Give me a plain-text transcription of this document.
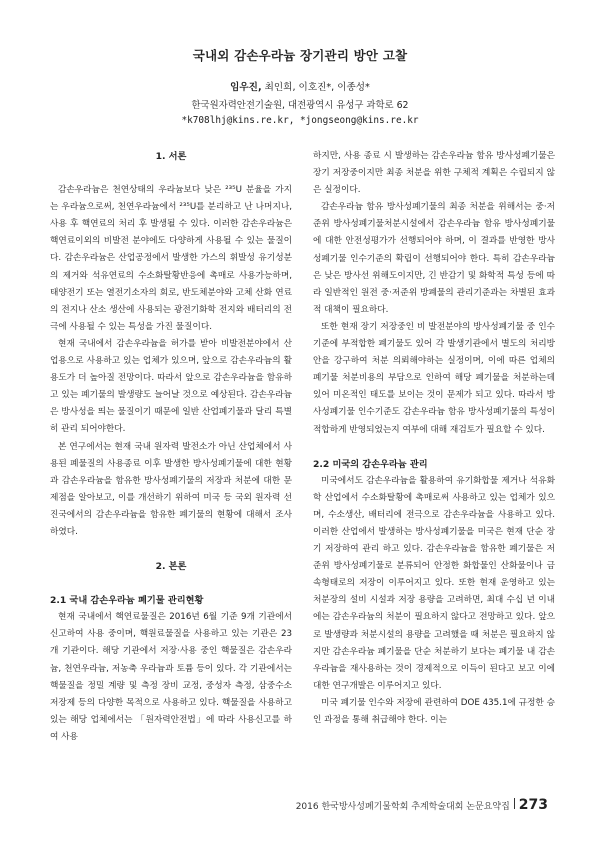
국내외 감손우라늄 장기관리 방안 고찰
임우진, 최인희, 이호진*, 이종성*
한국원자력안전기술원, 대전광역시 유성구 과학로 62
*k708lhj@kins.re.kr, *jongseong@kins.re.kr
1. 서론

감손우라늄은 천연상태의 우라늄보다 낮은 ²³⁵U 분율을 가지는 우라늄으로써, 천연우라늄에서 ²³⁵U를 분리하고 난 나머지나, 사용 후 핵연료의 처리 후 발생될 수 있다. 이러한 감손우라늄은 핵연료이외의 비발전 분야에도 다양하게 사용될 수 있는 물질이다. 감손우라늄은 산업공정에서 발생한 가스의 휘발성 유기성분의 제거와 석유연료의 수소화탈황반응에 촉매로 사용가능하며, 태양전기 또는 열전기소자의 회로, 반도체분야와 고체 산화 연료의 전지나 산소 생산에 사용되는 광전기화학 전지와 배터리의 전극에 사용될 수 있는 특성을 가진 물질이다.

현재 국내에서 감손우라늄을 허가를 받아 비발전분야에서 산업용으로 사용하고 있는 업체가 있으며, 앞으로 감손우라늄의 활용도가 더 높아질 전망이다. 따라서 앞으로 감손우라늄을 함유하고 있는 폐기물의 발생량도 늘어날 것으로 예상된다. 감손우라늄은 방사성을 띄는 물질이기 때문에 일반 산업폐기물과 달리 특별히 관리 되어야한다.

본 연구에서는 현재 국내 원자력 발전소가 아닌 산업체에서 사용된 폐물질의 사용종료 이후 발생한 방사성폐기물에 대한 현황과 감손우라늄을 함유한 방사성폐기물의 저장과 처분에 대한 문제점을 알아보고, 이를 개선하기 위하여 미국 등 국외 원자력 선진국에서의 감손우라늄을 함유한 폐기물의 현황에 대해서 조사하였다.

2. 본론
2.1 국내 감손우라늄 폐기물 관리현황

현재 국내에서 핵연료물질은 2016년 6월 기준 9개 기관에서 신고하여 사용 중이며, 핵원료물질을 사용하고 있는 기관은 23개 기관이다. 해당 기관에서 저장·사용 중인 핵물질은 감손우라늄, 천연우라늄, 저농축 우라늄과 토륨 등이 있다. 각 기관에서는 핵물질을 정밀 계량 및 측정 장비 교정, 중성자 측정, 삼중수소 저장제 등의 다양한 목적으로 사용하고 있다. 핵물질을 사용하고 있는 해당 업체에서는 「원자력안전법」에 따라 사용신고를 하여 사용

하지만, 사용 종료 시 발생하는 감손우라늄 함유 방사성폐기물은 장기 저장중이지만 최종 처분을 위한 구체적 계획은 수립되지 않은 실정이다.

감손우라늄 함유 방사성폐기물의 최종 처분을 위해서는 중·저준위 방사성폐기물처분시설에서 감손우라늄 함유 방사성폐기물에 대한 안전성평가가 선행되어야 하며, 이 결과를 반영한 방사성폐기물 인수기준의 확립이 선행되어야 한다. 특히 감손우라늄은 낮은 방사선 위해도이지만, 긴 반감기 및 화학적 특성 등에 따라 일반적인 원전 중·저준위 방폐물의 관리기준과는 차별된 효과적 대책이 필요하다.

또한 현재 장기 저장중인 비 발전분야의 방사성폐기물 중 인수기준에 부적합한 폐기물도 있어 각 발생기관에서 별도의 처리방안을 강구하여 처분 의뢰해야하는 실정이며, 이에 따른 업체의 폐기물 처분비용의 부담으로 인하여 해당 폐기물을 처분하는데 있어 미온적인 태도를 보이는 것이 문제가 되고 있다. 따라서 방사성폐기물 인수기준도 감손우라늄 함유 방사성폐기물의 특성이 적합하게 반영되었는지 여부에 대해 재검토가 필요할 수 있다.

2.2 미국의 감손우라늄 관리

미국에서도 감손우라늄을 활용하여 유기화합물 제거나 석유화학 산업에서 수소화탈황에 촉매로써 사용하고 있는 업체가 있으며, 수소생산, 배터리에 전극으로 감손우라늄을 사용하고 있다. 이러한 산업에서 발생하는 방사성폐기물을 미국은 현재 단순 장기 저장하여 관리 하고 있다. 감손우라늄을 함유한 폐기물은 저준위 방사성폐기물로 분류되어 안정한 화합물인 산화물이나 금속형태로의 저장이 이루어지고 있다. 또한 현재 운영하고 있는 처분장의 설비 시설과 저장 용량을 고려하면, 최대 수십 년 이내에는 감손우라늄의 처분이 필요하지 않다고 전망하고 있다. 앞으로 발생량과 처분시설의 용량을 고려했을 때 처분은 필요하지 않지만 감손우라늄 폐기물을 단순 처분하기 보다는 폐기물 내 감손우라늄을 재사용하는 것이 경제적으로 이득이 된다고 보고 이에 대한 연구개발은 이루어지고 있다.

미국 폐기물 인수와 저장에 관련하여 DOE 435.1에 규정한 승인 과정을 통해 취급해야 한다. 이는

2016 한국방사성폐기물학회 추계학술대회 논문요약집 273
